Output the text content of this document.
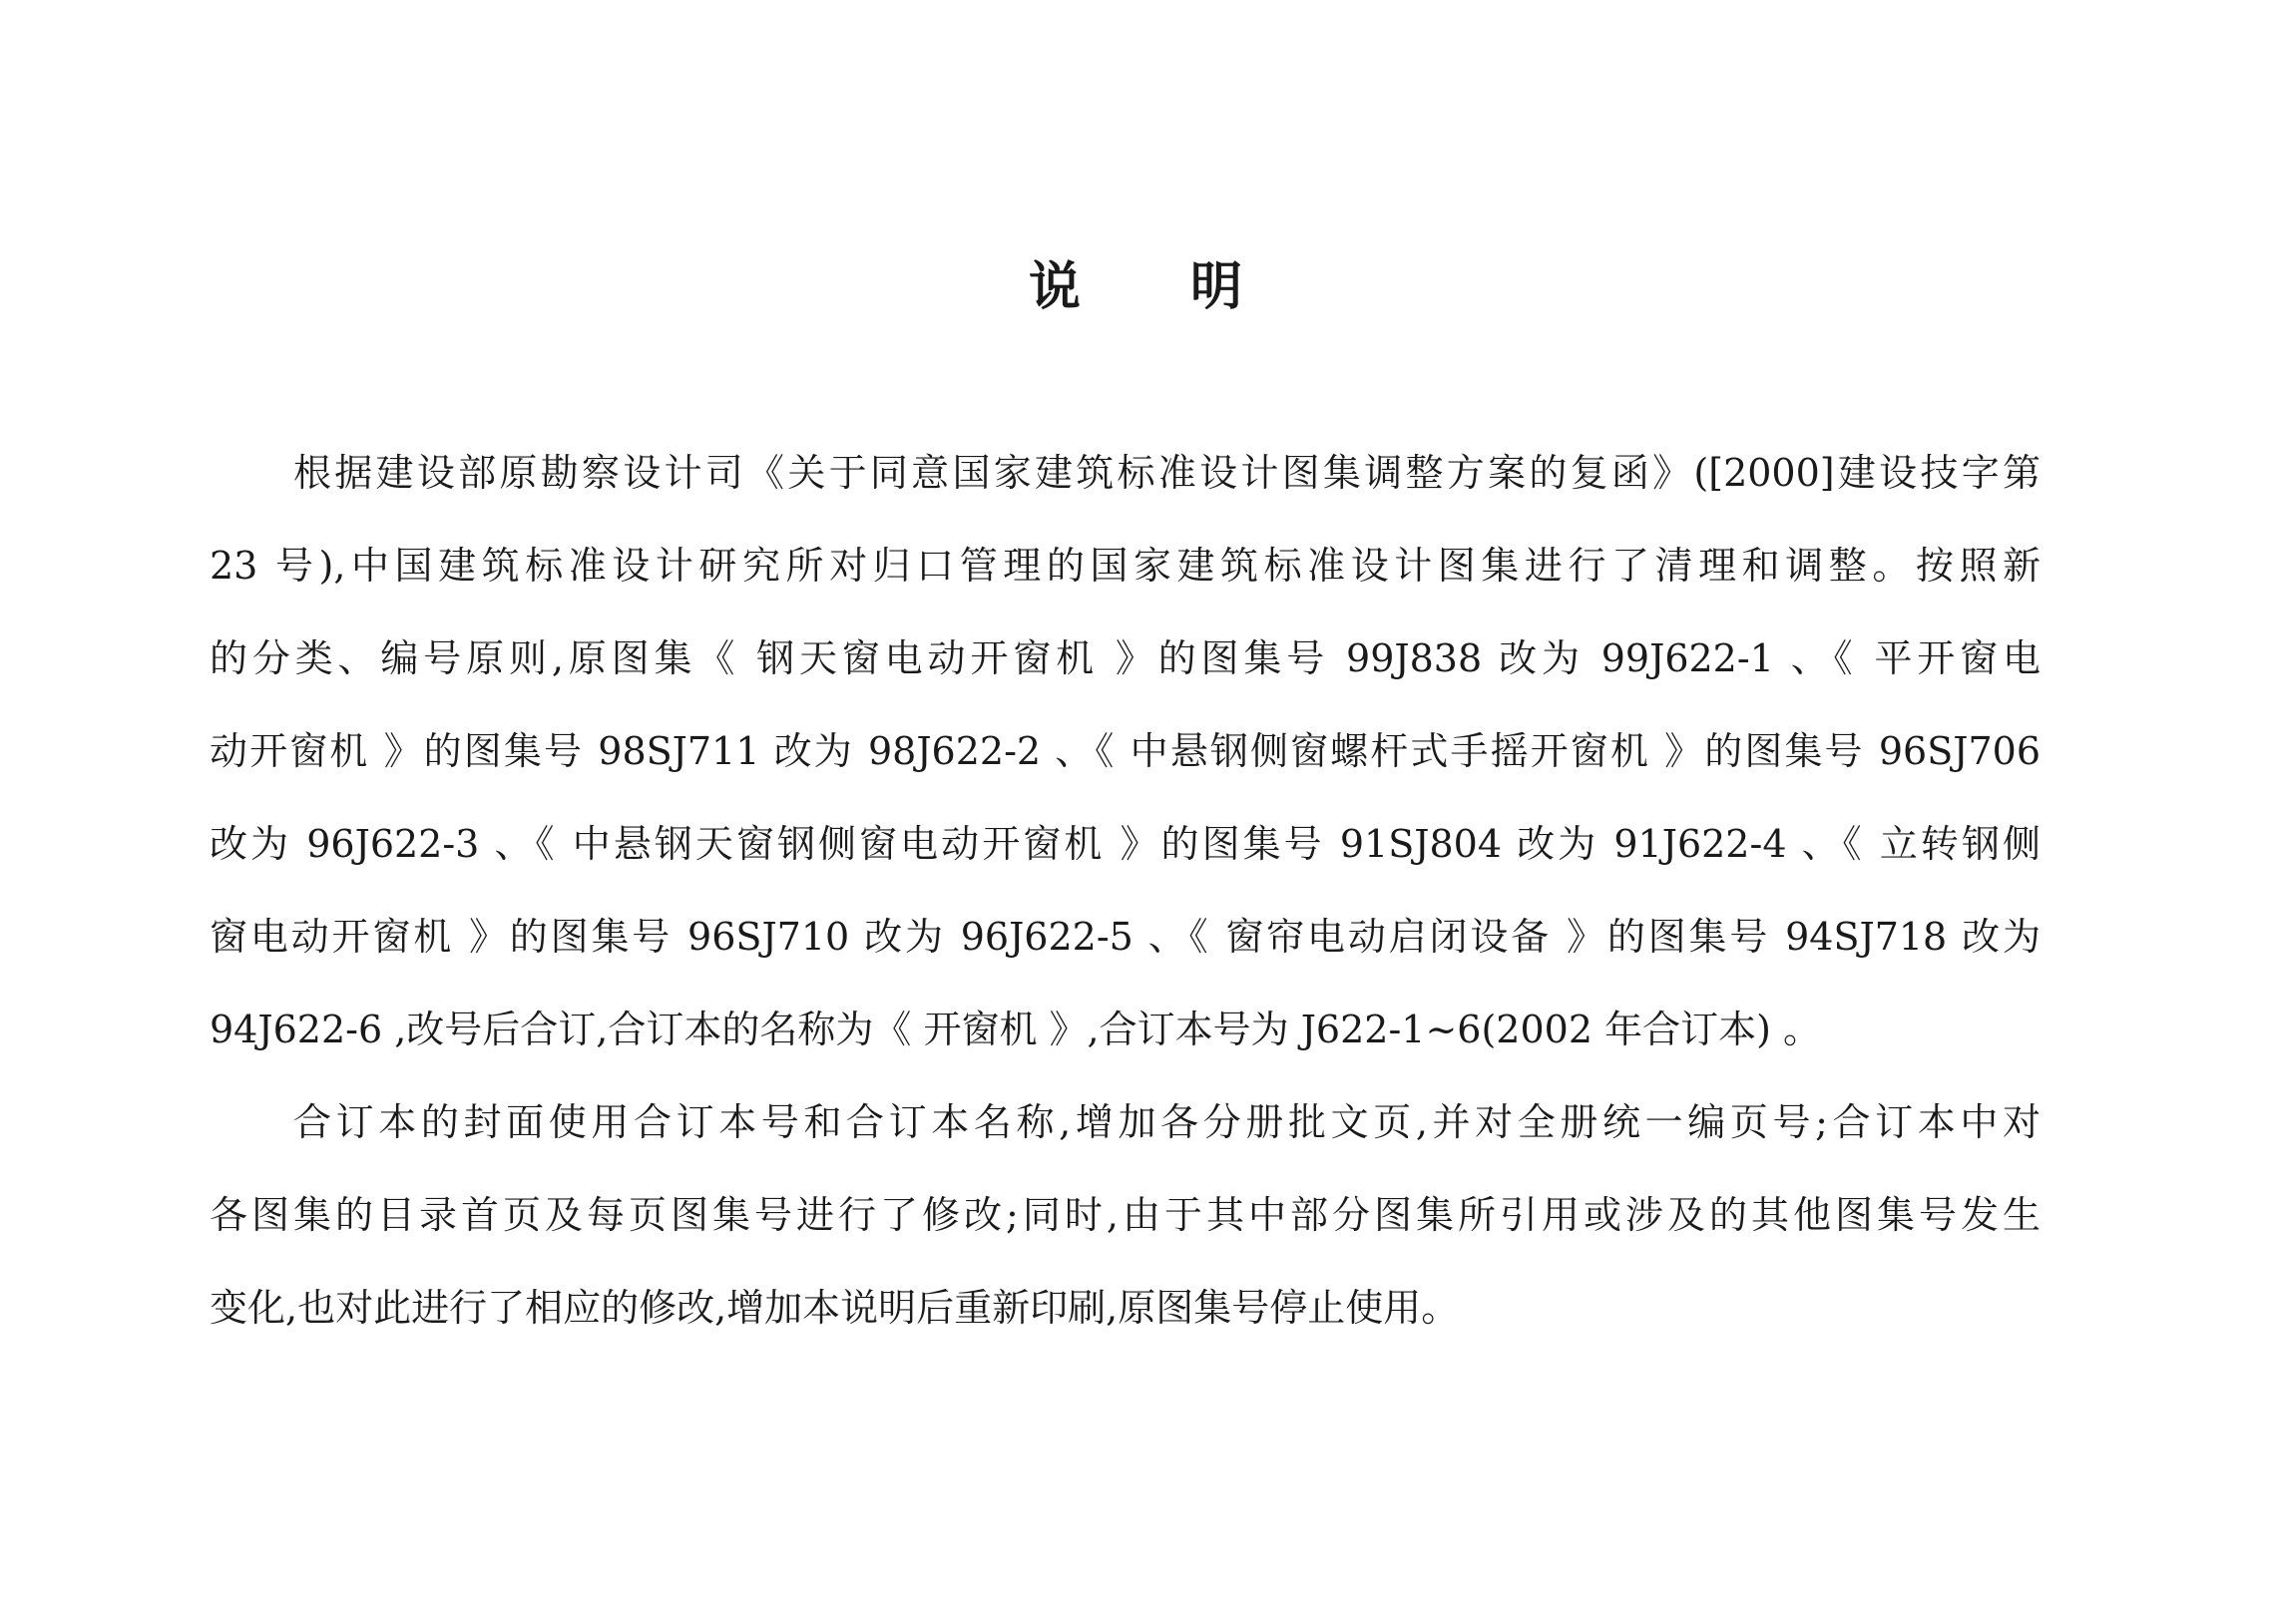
说 明
根据建设部原勘察设计司《关于同意国家建筑标准设计图集调整方案的复函》([2000]建设技字第
23 号),中国建筑标准设计研究所对归口管理的国家建筑标准设计图集进行了清理和调整。按照新
的分类、编号原则,原图集《 钢天窗电动开窗机 》的图集号 99J838 改为 99J622-1 、《 平开窗电
动开窗机 》的图集号 98SJ711 改为 98J622-2 、《 中悬钢侧窗螺杆式手摇开窗机 》的图集号 96SJ706
改为 96J622-3 、《 中悬钢天窗钢侧窗电动开窗机 》的图集号 91SJ804 改为 91J622-4 、《 立转钢侧
窗电动开窗机 》的图集号 96SJ710 改为 96J622-5 、《 窗帘电动启闭设备 》的图集号 94SJ718 改为
94J622-6 ,改号后合订,合订本的名称为《 开窗机 》,合订本号为 J622-1~6(2002 年合订本) 。
合订本的封面使用合订本号和合订本名称,增加各分册批文页,并对全册统一编页号;合订本中对
各图集的目录首页及每页图集号进行了修改;同时,由于其中部分图集所引用或涉及的其他图集号发生
变化,也对此进行了相应的修改,增加本说明后重新印刷,原图集号停止使用。
